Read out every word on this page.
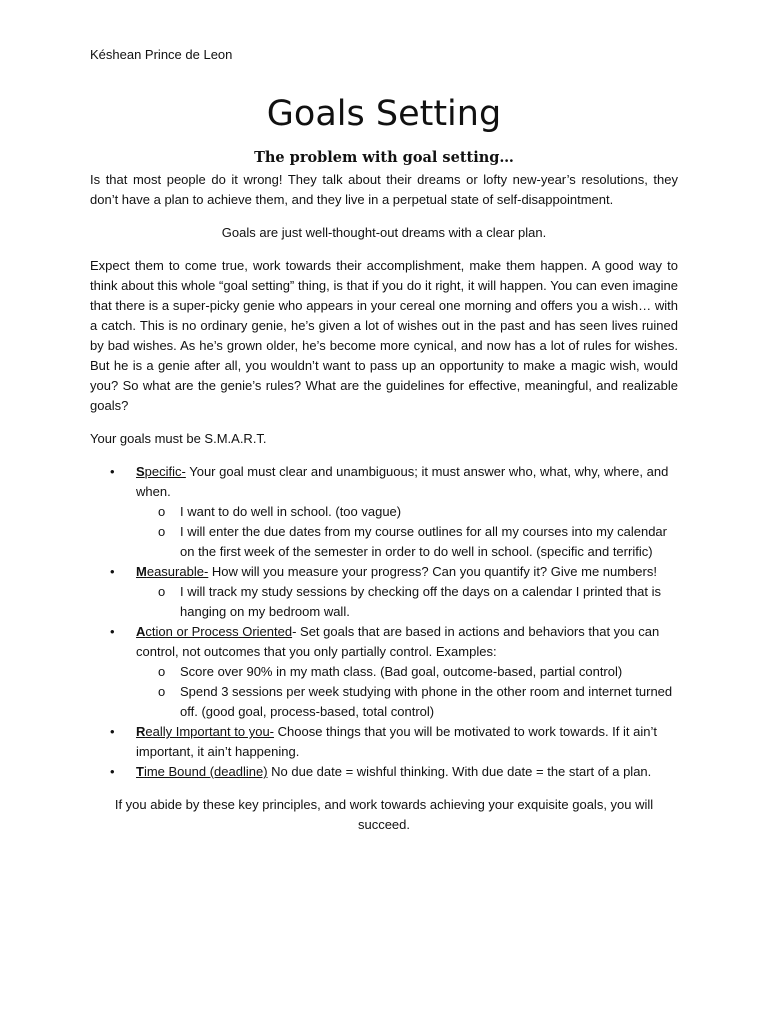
Késhean Prince de Leon
Goals Setting
The problem with goal setting…

Is that most people do it wrong! They talk about their dreams or lofty new-year’s resolutions, they don’t have a plan to achieve them, and they live in a perpetual state of self-disappointment.

Goals are just well-thought-out dreams with a clear plan.

Expect them to come true, work towards their accomplishment, make them happen. A good way to think about this whole “goal setting” thing, is that if you do it right, it will happen. You can even imagine that there is a super-picky genie who appears in your cereal one morning and offers you a wish… with a catch. This is no ordinary genie, he’s given a lot of wishes out in the past and has seen lives ruined by bad wishes. As he’s grown older, he’s become more cynical, and now has a lot of rules for wishes. But he is a genie after all, you wouldn’t want to pass up an opportunity to make a magic wish, would you? So what are the genie’s rules? What are the guidelines for effective, meaningful, and realizable goals?

Your goals must be S.M.A.R.T.

• Specific- Your goal must clear and unambiguous; it must answer who, what, why, where, and when.
o I want to do well in school. (too vague)
o I will enter the due dates from my course outlines for all my courses into my calendar on the first week of the semester in order to do well in school. (specific and terrific)
• Measurable- How will you measure your progress? Can you quantify it? Give me numbers!
o I will track my study sessions by checking off the days on a calendar I printed that is hanging on my bedroom wall.
• Action or Process Oriented- Set goals that are based in actions and behaviors that you can control, not outcomes that you only partially control. Examples:
o Score over 90% in my math class. (Bad goal, outcome-based, partial control)
o Spend 3 sessions per week studying with phone in the other room and internet turned off. (good goal, process-based, total control)
• Really Important to you- Choose things that you will be motivated to work towards. If it ain’t important, it ain’t happening.
• Time Bound (deadline) No due date = wishful thinking. With due date = the start of a plan.

If you abide by these key principles, and work towards achieving your exquisite goals, you will succeed.
